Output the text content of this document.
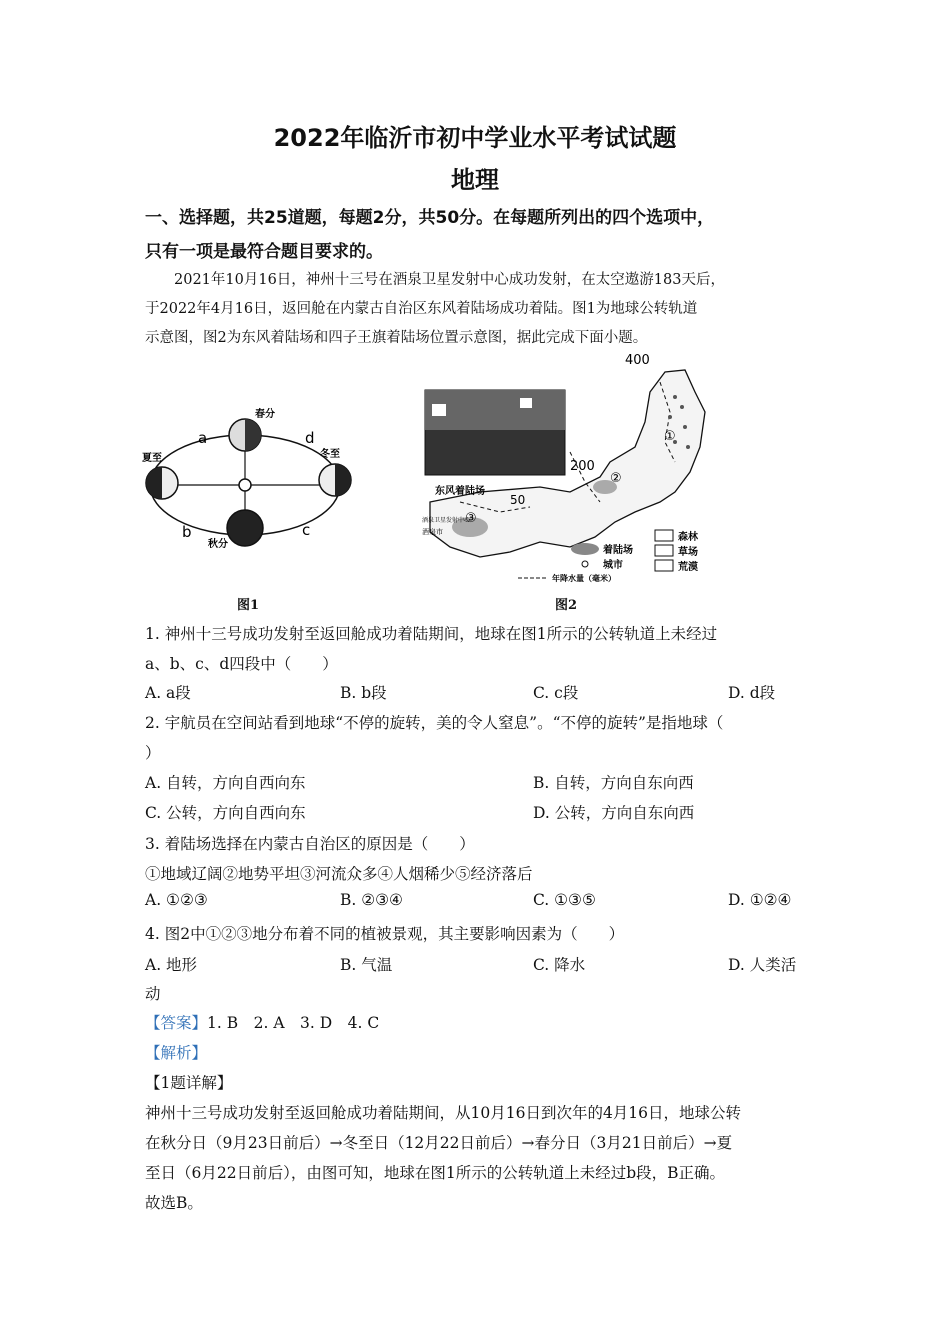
2022年临沂市初中学业水平考试试题
地理
一、选择题，共25道题，每题2分，共50分。在每题所列出的四个选项中，
只有一项是最符合题目要求的。
2021年10月16日，神州十三号在酒泉卫星发射中心成功发射，在太空遨游183天后，
于2022年4月16日，返回舱在内蒙古自治区东风着陆场成功着陆。图1为地球公转轨道
示意图，图2为东风着陆场和四子王旗着陆场位置示意图，据此完成下面小题。
春分
夏至	冬至
秋分
a
b	c
d
图1
400
200
50
东风着陆场
酒泉卫星发射中心
酒泉市
①
②
③
森林
草场
荒漠
着陆场
城市
年降水量（毫米）
图2
1. 神州十三号成功发射至返回舱成功着陆期间，地球在图1所示的公转轨道上未经过
a、b、c、d四段中（　　）
A. a段	B. b段	C. c段	D. d段
2. 宇航员在空间站看到地球“不停的旋转，美的令人窒息”。“不停的旋转”是指地球（
）
A. 自转，方向自西向东	B. 自转，方向自东向西
C. 公转，方向自西向东	D. 公转，方向自东向西
3. 着陆场选择在内蒙古自治区的原因是（　　）
①地域辽阔②地势平坦③河流众多④人烟稀少⑤经济落后
A. ①②③	B. ②③④	C. ①③⑤	D. ①②④
4. 图2中①②③地分布着不同的植被景观，其主要影响因素为（　　）
A. 地形	B. 气温	C. 降水	D. 人类活
动
【答案】1. B　2. A　3. D　4. C
【解析】
【1题详解】
神州十三号成功发射至返回舱成功着陆期间，从10月16日到次年的4月16日，地球公转
在秋分日（9月23日前后）→冬至日（12月22日前后）→春分日（3月21日前后）→夏
至日（6月22日前后），由图可知，地球在图1所示的公转轨道上未经过b段，B正确。
故选B。
